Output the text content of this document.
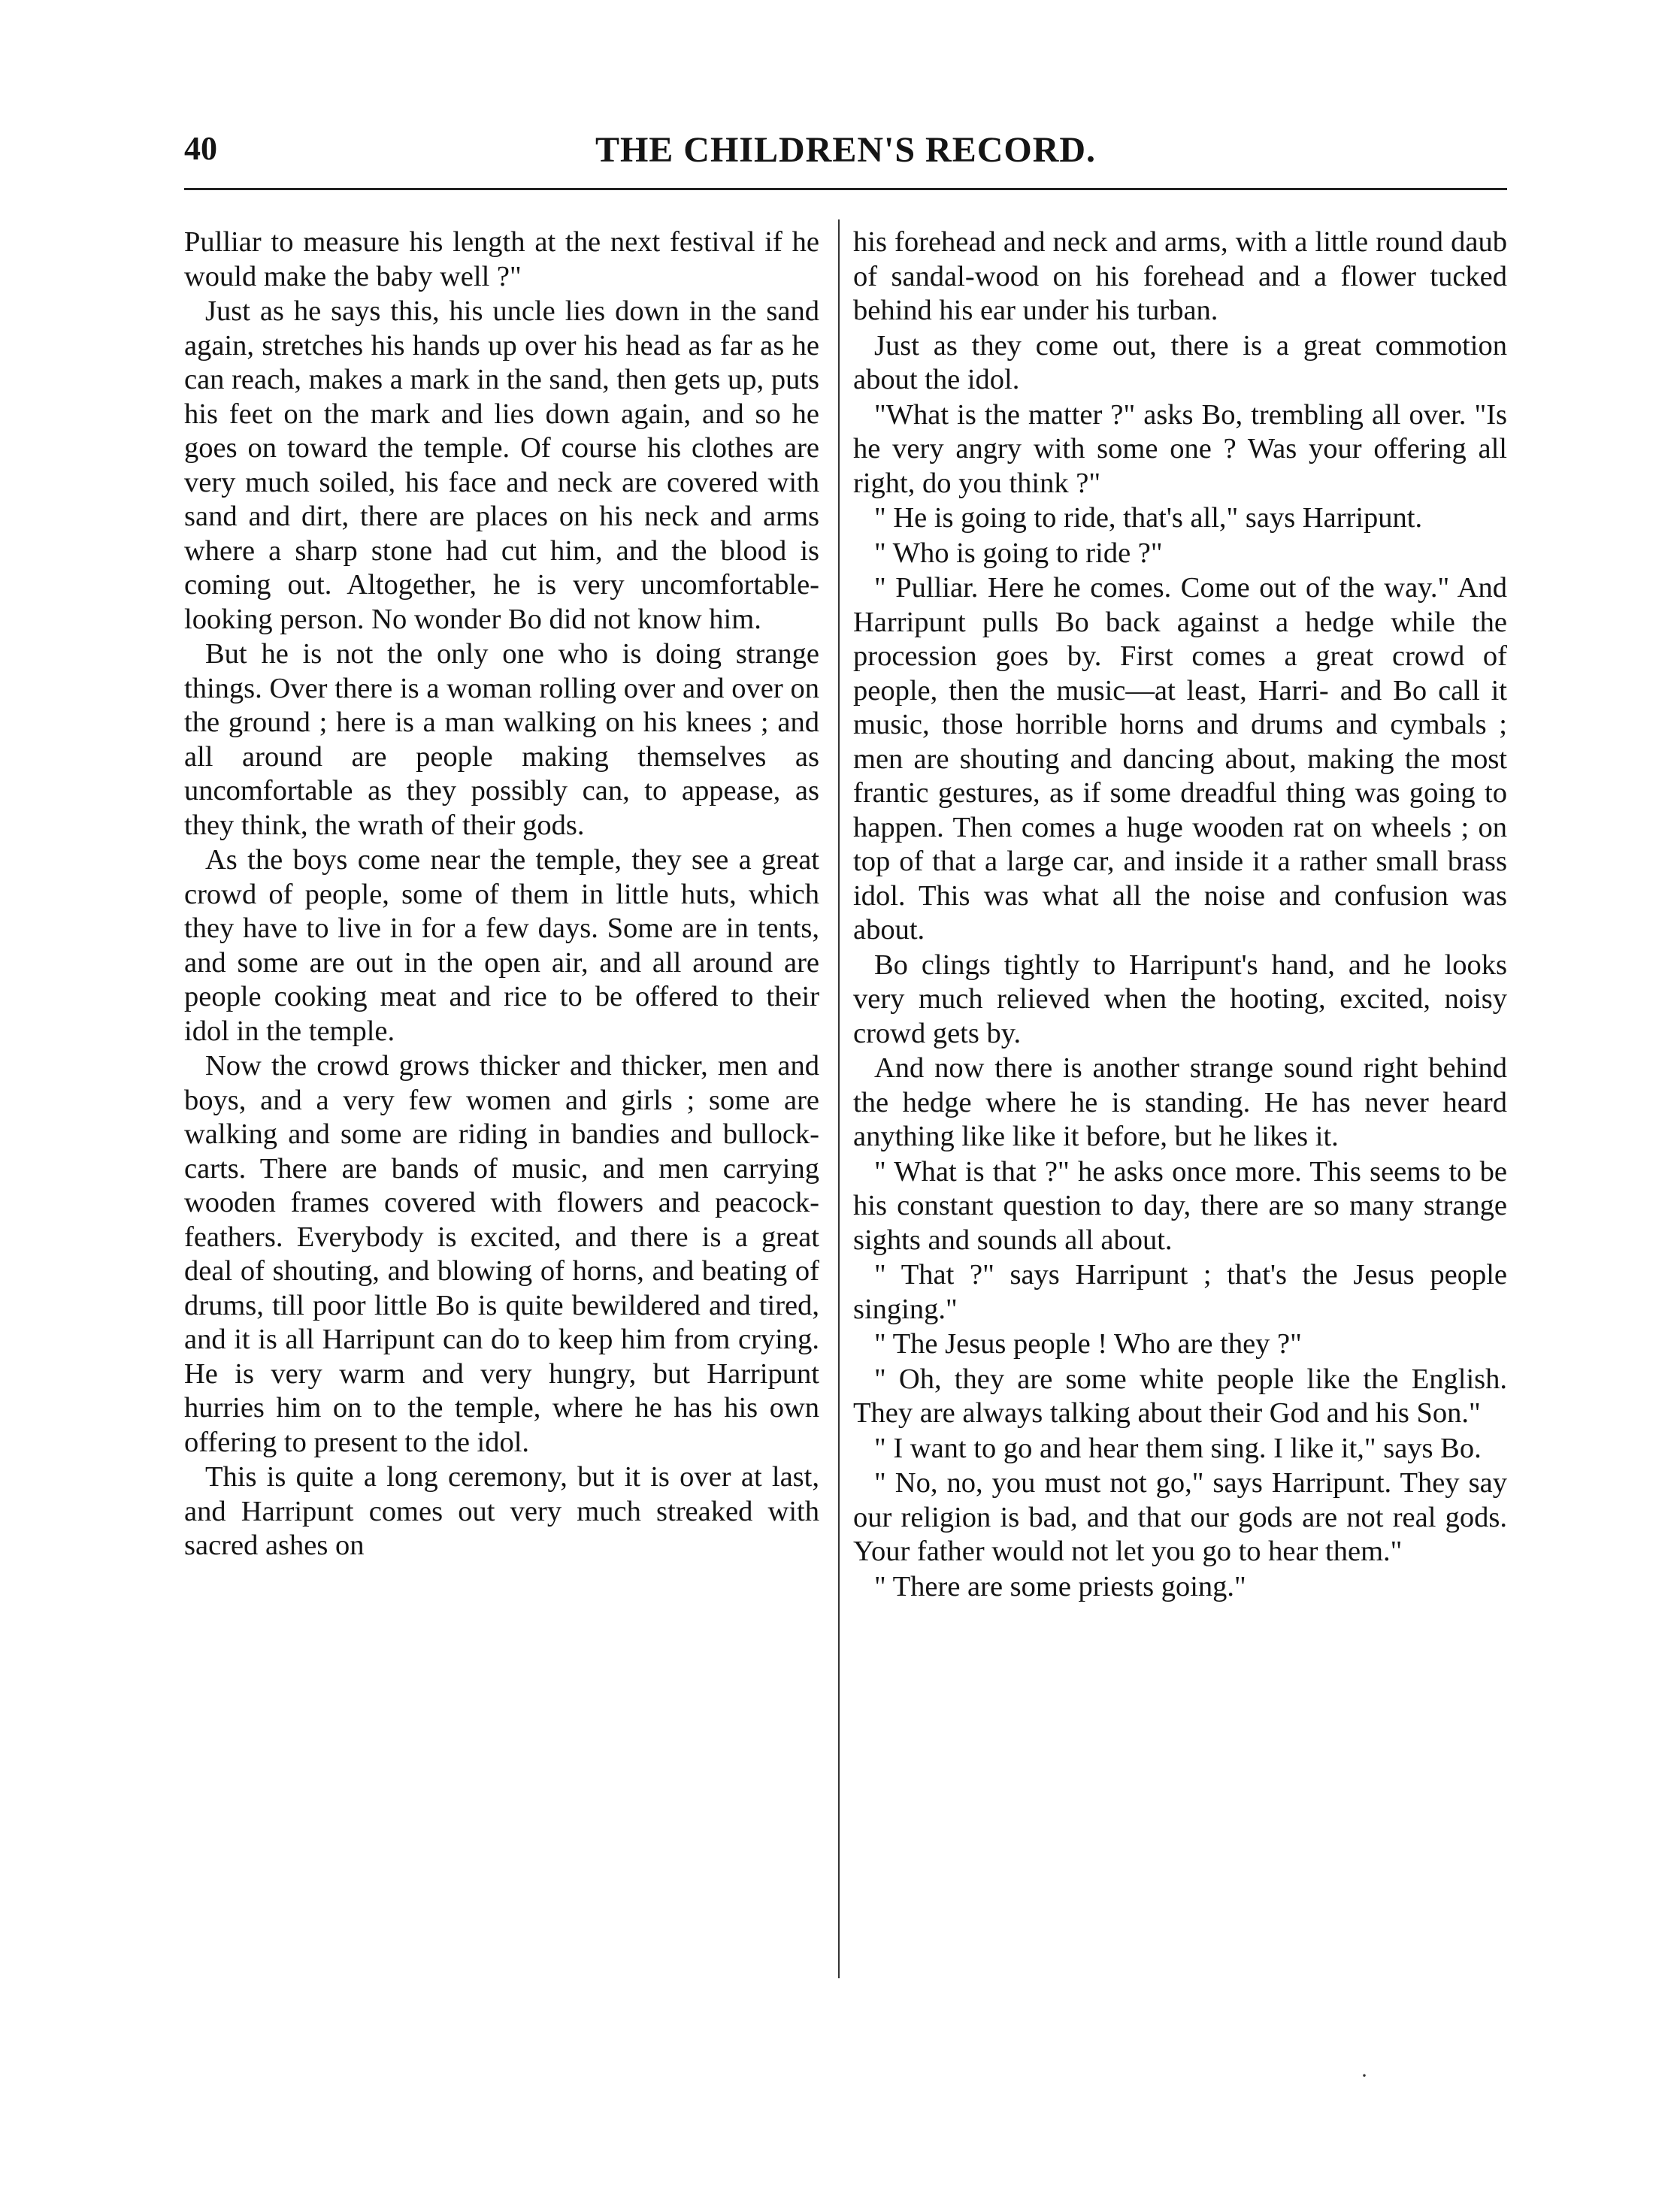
40	THE CHILDREN'S RECORD.

Pulliar to measure his length at the next festival if he would make the baby well ?"

Just as he says this, his uncle lies down in the sand again, stretches his hands up over his head as far as he can reach, makes a mark in the sand, then gets up, puts his feet on the mark and lies down again, and so he goes on toward the temple. Of course his clothes are very much soiled, his face and neck are covered with sand and dirt, there are places on his neck and arms where a sharp stone had cut him, and the blood is coming out. Altogether, he is very uncomfortable-looking person. No wonder Bo did not know him.

But he is not the only one who is doing strange things. Over there is a woman rolling over and over on the ground ; here is a man walking on his knees ; and all around are people making themselves as uncomfortable as they possibly can, to appease, as they think, the wrath of their gods.

As the boys come near the temple, they see a great crowd of people, some of them in little huts, which they have to live in for a few days. Some are in tents, and some are out in the open air, and all around are people cooking meat and rice to be offered to their idol in the temple.

Now the crowd grows thicker and thicker, men and boys, and a very few women and girls ; some are walking and some are riding in bandies and bullock-carts. There are bands of music, and men carrying wooden frames covered with flowers and peacock-feathers. Everybody is excited, and there is a great deal of shouting, and blowing of horns, and beating of drums, till poor little Bo is quite bewildered and tired, and it is all Harripunt can do to keep him from crying. He is very warm and very hungry, but Harripunt hurries him on to the temple, where he has his own offering to present to the idol.

This is quite a long ceremony, but it is over at last, and Harripunt comes out very much streaked with sacred ashes on

his forehead and neck and arms, with a little round daub of sandal-wood on his forehead and a flower tucked behind his ear under his turban.

Just as they come out, there is a great commotion about the idol.

"What is the matter ?" asks Bo, trembling all over. "Is he very angry with some one ? Was your offering all right, do you think ?"

" He is going to ride, that's all," says Harripunt.

" Who is going to ride ?"

" Pulliar. Here he comes. Come out of the way." And Harripunt pulls Bo back against a hedge while the procession goes by. First comes a great crowd of people, then the music—at least, Harri- and Bo call it music, those horrible horns and drums and cymbals ; men are shouting and dancing about, making the most frantic gestures, as if some dreadful thing was going to happen. Then comes a huge wooden rat on wheels ; on top of that a large car, and inside it a rather small brass idol. This was what all the noise and confusion was about.

Bo clings tightly to Harripunt's hand, and he looks very much relieved when the hooting, excited, noisy crowd gets by.

And now there is another strange sound right behind the hedge where he is standing. He has never heard anything like like it before, but he likes it.

" What is that ?" he asks once more. This seems to be his constant question to day, there are so many strange sights and sounds all about.

" That ?" says Harripunt ; that's the Jesus people singing."

" The Jesus people ! Who are they ?"

" Oh, they are some white people like the English. They are always talking about their God and his Son."

" I want to go and hear them sing. I like it," says Bo.

" No, no, you must not go," says Harripunt. They say our religion is bad, and that our gods are not real gods. Your father would not let you go to hear them."

" There are some priests going."

·
